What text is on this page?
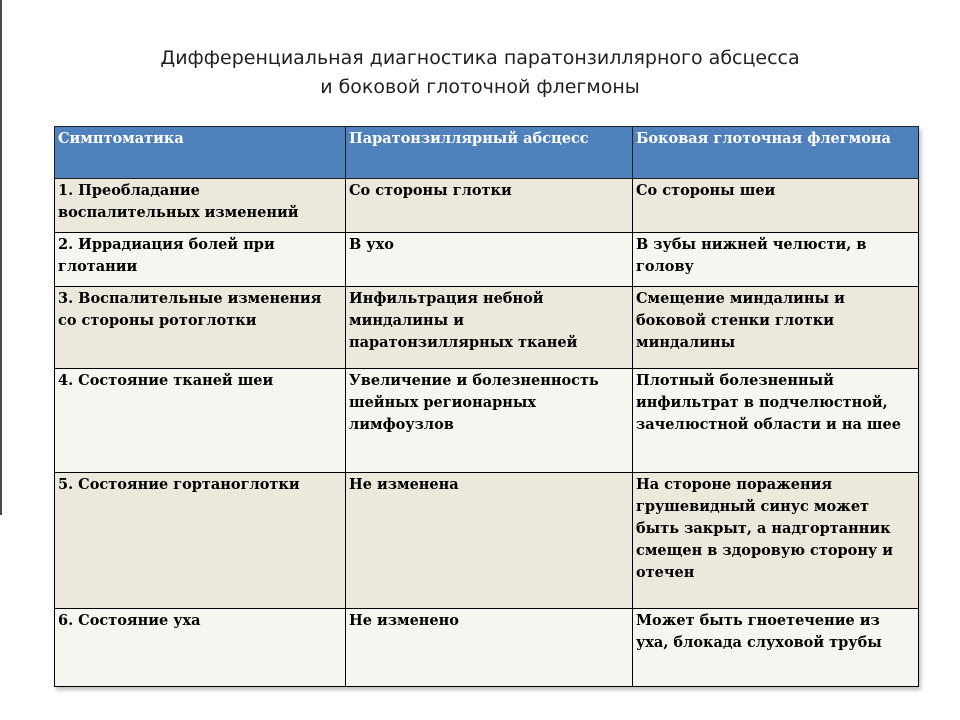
Дифференциальная диагностика паратонзиллярного абсцесса
и боковой глоточной флегмоны
Симптоматика	Паратонзиллярный абсцесс	Боковая глоточная флегмона
1. Преобладание воспалительных изменений	Со стороны глотки	Со стороны шеи
2. Иррадиация болей при глотании	В ухо	В зубы нижней челюсти, в голову
3. Воспалительные изменения со стороны ротоглотки	Инфильтрация небной миндалины и паратонзиллярных тканей	Смещение миндалины и боковой стенки глотки миндалины
4. Состояние тканей шеи	Увеличение и болезненность шейных регионарных лимфоузлов	Плотный болезненный инфильтрат в подчелюстной, зачелюстной области и на шее
5. Состояние гортаноглотки	Не изменена	На стороне поражения грушевидный синус может быть закрыт, а надгортанник смещен в здоровую сторону и отечен
6. Состояние уха	Не изменено	Может быть гноетечение из уха, блокада слуховой трубы
